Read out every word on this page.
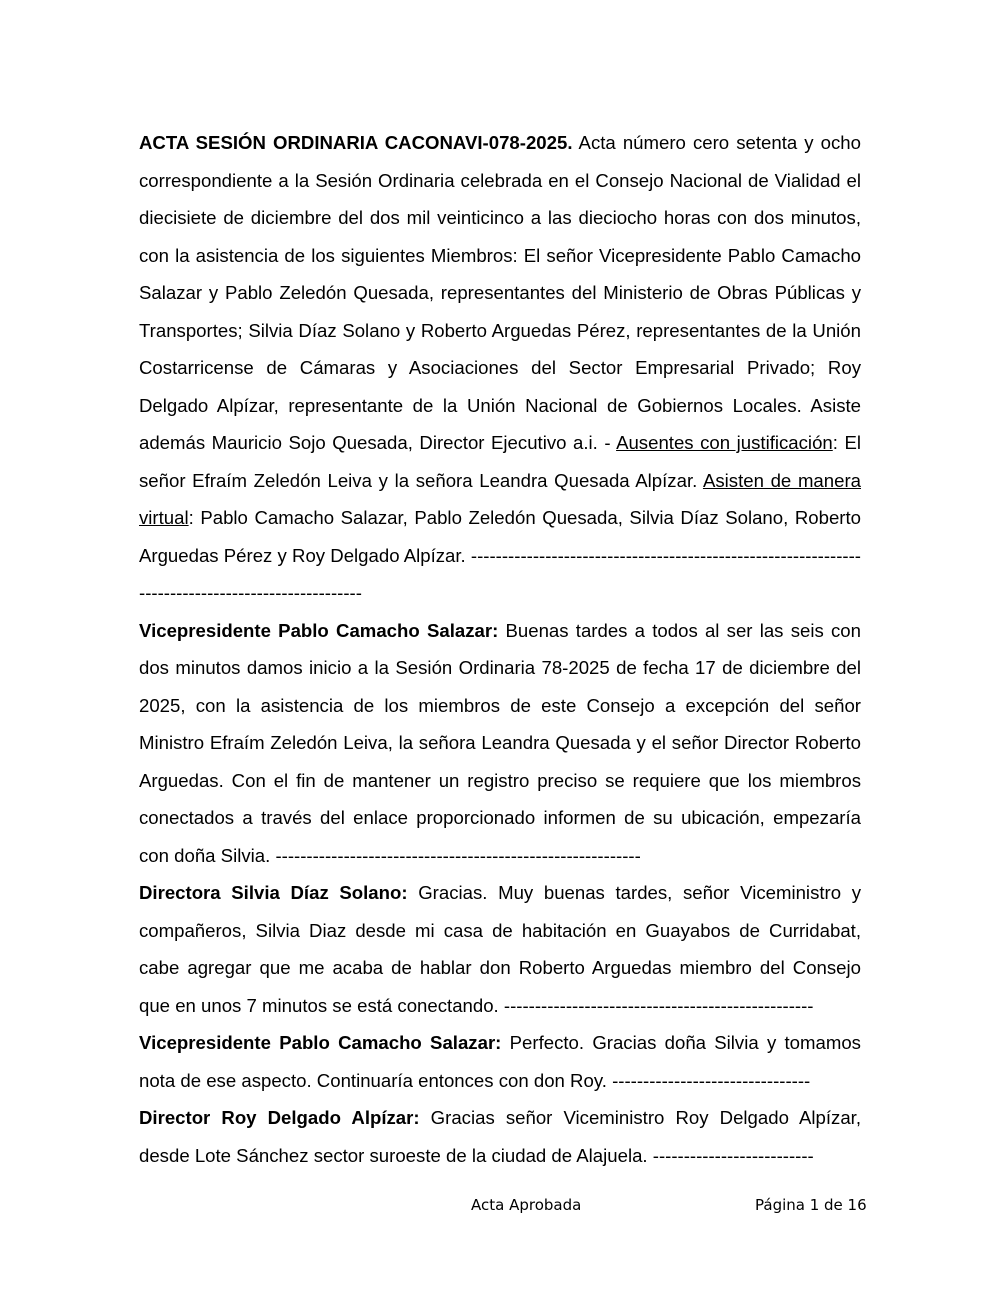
ACTA SESIÓN ORDINARIA CACONAVI-078-2025. Acta número cero setenta y ocho correspondiente a la Sesión Ordinaria celebrada en el Consejo Nacional de Vialidad el diecisiete de diciembre del dos mil veinticinco a las dieciocho horas con dos minutos, con la asistencia de los siguientes Miembros: El señor Vicepresidente Pablo Camacho Salazar y Pablo Zeledón Quesada, representantes del Ministerio de Obras Públicas y Transportes; Silvia Díaz Solano y Roberto Arguedas Pérez, representantes de la Unión Costarricense de Cámaras y Asociaciones del Sector Empresarial Privado; Roy Delgado Alpízar, representante de la Unión Nacional de Gobiernos Locales. Asiste además Mauricio Sojo Quesada, Director Ejecutivo a.i. - Ausentes con justificación: El señor Efraím Zeledón Leiva y la señora Leandra Quesada Alpízar. Asisten de manera virtual: Pablo Camacho Salazar, Pablo Zeledón Quesada, Silvia Díaz Solano, Roberto Arguedas Pérez y Roy Delgado Alpízar. ---------------------------------------------------------------------------------------------------

Vicepresidente Pablo Camacho Salazar: Buenas tardes a todos al ser las seis con dos minutos damos inicio a la Sesión Ordinaria 78-2025 de fecha 17 de diciembre del 2025, con la asistencia de los miembros de este Consejo a excepción del señor Ministro Efraím Zeledón Leiva, la señora Leandra Quesada y el señor Director Roberto Arguedas. Con el fin de mantener un registro preciso se requiere que los miembros conectados a través del enlace proporcionado informen de su ubicación, empezaría con doña Silvia. -----------------------------------------------------------

Directora Silvia Díaz Solano: Gracias. Muy buenas tardes, señor Viceministro y compañeros, Silvia Diaz desde mi casa de habitación en Guayabos de Curridabat, cabe agregar que me acaba de hablar don Roberto Arguedas miembro del Consejo que en unos 7 minutos se está conectando. --------------------------------------------------

Vicepresidente Pablo Camacho Salazar: Perfecto. Gracias doña Silvia y tomamos nota de ese aspecto. Continuaría entonces con don Roy. --------------------------------

Director Roy Delgado Alpízar: Gracias señor Viceministro Roy Delgado Alpízar, desde Lote Sánchez sector suroeste de la ciudad de Alajuela. --------------------------

Acta Aprobada	Página 1 de 16
